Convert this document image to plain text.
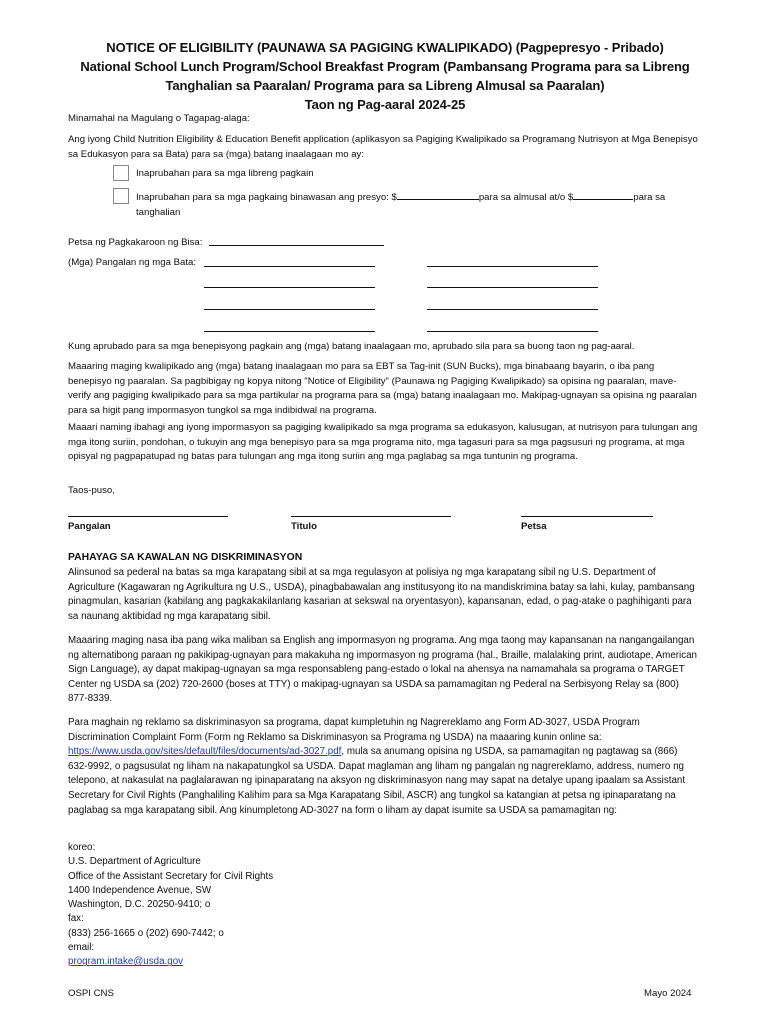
NOTICE OF ELIGIBILITY (PAUNAWA SA PAGIGING KWALIPIKADO) (Pagpepresyo - Pribado)
National School Lunch Program/School Breakfast Program (Pambansang Programa para sa Libreng
Tanghalian sa Paaralan/ Programa para sa Libreng Almusal sa Paaralan)
Taon ng Pag-aaral 2024-25
Minamahal na Magulang o Tagapag-alaga:
Ang iyong Child Nutrition Eligibility & Education Benefit application (aplikasyon sa Pagiging Kwalipikado sa Programang Nutrisyon at Mga Benepisyo sa Edukasyon para sa Bata) para sa (mga) batang inaalagaan mo ay:
Inaprubahan para sa mga libreng pagkain
Inaprubahan para sa mga pagkaing binawasan ang presyo: $	para sa almusal at/o $	para sa
tanghalian
Petsa ng Pagkakaroon ng Bisa:
(Mga) Pangalan ng mga Bata:
Kung aprubado para sa mga benepisyong pagkain ang (mga) batang inaalagaan mo, aprubado sila para sa buong taon ng pag-aaral.
Maaaring maging kwalipikado ang (mga) batang inaalagaan mo para sa EBT sa Tag-init (SUN Bucks), mga binabaang bayarin, o iba pang benepisyo ng paaralan. Sa pagbibigay ng kopya nitong "Notice of Eligibility" (Paunawa ng Pagiging Kwalipikado) sa opisina ng paaralan, mave-verify ang pagiging kwalipikado para sa mga partikular na programa para sa (mga) batang inaalagaan mo. Makipag-ugnayan sa opisina ng paaralan para sa higit pang impormasyon tungkol sa mga indibidwal na programa.
Maaari naming ibahagi ang iyong impormasyon sa pagiging kwalipikado sa mga programa sa edukasyon, kalusugan, at nutrisyon para tulungan ang mga itong suriin, pondohan, o tukuyin ang mga benepisyo para sa mga programa nito, mga tagasuri para sa mga pagsusuri ng programa, at mga opisyal ng pagpapatupad ng batas para tulungan ang mga itong suriin ang mga paglabag sa mga tuntunin ng programa.
Taos-puso,
Pangalan	Titulo	Petsa
PAHAYAG SA KAWALAN NG DISKRIMINASYON
Alinsunod sa pederal na batas sa mga karapatang sibil at sa mga regulasyon at polisiya ng mga karapatang sibil ng U.S. Department of Agriculture (Kagawaran ng Agrikultura ng U.S., USDA), pinagbabawalan ang institusyong ito na mandiskrimina batay sa lahi, kulay, pambansang pinagmulan, kasarian (kabilang ang pagkakakilanlang kasarian at sekswal na oryentasyon), kapansanan, edad, o pag-atake o paghihiganti para sa naunang aktibidad ng mga karapatang sibil.
Maaaring maging nasa iba pang wika maliban sa English ang impormasyon ng programa. Ang mga taong may kapansanan na nangangailangan ng alternatibong paraan ng pakikipag-ugnayan para makakuha ng impormasyon ng programa (hal., Braille, malalaking print, audiotape, American Sign Language), ay dapat makipag-ugnayan sa mga responsableng pang-estado o lokal na ahensya na namamahala sa programa o TARGET Center ng USDA sa (202) 720-2600 (boses at TTY) o makipag-ugnayan sa USDA sa pamamagitan ng Pederal na Serbisyong Relay sa (800) 877-8339.
Para maghain ng reklamo sa diskriminasyon sa programa, dapat kumpletuhin ng Nagrereklamo ang Form AD-3027, USDA Program Discrimination Complaint Form (Form ng Reklamo sa Diskriminasyon sa Programa ng USDA) na maaaring kunin online sa: https://www.usda.gov/sites/default/files/documents/ad-3027.pdf, mula sa anumang opisina ng USDA, sa pamamagitan ng pagtawag sa (866) 632-9992, o pagsusulat ng liham na nakapatungkol sa USDA. Dapat maglaman ang liham ng pangalan ng nagrereklamo, address, numero ng telepono, at nakasulat na paglalarawan ng ipinaparatang na aksyon ng diskriminasyon nang may sapat na detalye upang ipaalam sa Assistant Secretary for Civil Rights (Panghaliling Kalihim para sa Mga Karapatang Sibil, ASCR) ang tungkol sa katangian at petsa ng ipinaparatang na paglabag sa mga karapatang sibil. Ang kinumpletong AD-3027 na form o liham ay dapat isumite sa USDA sa pamamagitan ng:
koreo:
U.S. Department of Agriculture
Office of the Assistant Secretary for Civil Rights
1400 Independence Avenue, SW
Washington, D.C. 20250-9410; o
fax:
(833) 256-1665 o (202) 690-7442; o
email:
program.intake@usda.gov
OSPI CNS	Mayo 2024
